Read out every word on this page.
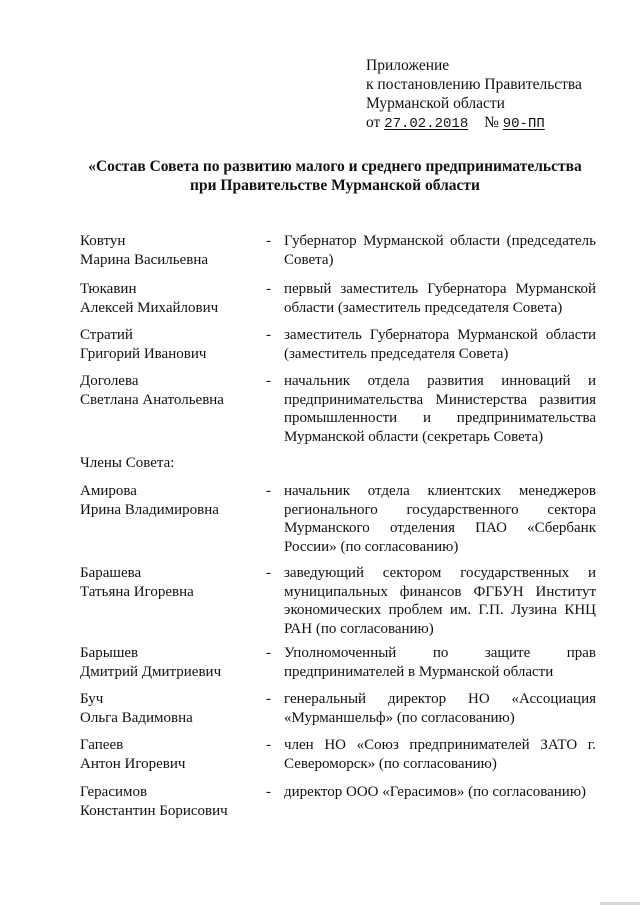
Приложение
к постановлению Правительства
Мурманской области
от 27.02.2018 № 90-ПП
«Состав Совета по развитию малого и среднего предпринимательства
при Правительстве Мурманской области
Ковтун
Марина Васильевна
- Губернатор Мурманской области (председатель Совета)
Тюкавин
Алексей Михайлович
- первый заместитель Губернатора Мурманской области (заместитель председателя Совета)
Стратий
Григорий Иванович
- заместитель Губернатора Мурманской области (заместитель председателя Совета)
Доголева
Светлана Анатольевна
- начальник отдела развития инноваций и предпринимательства Министерства развития промышленности и предпринимательства Мурманской области (секретарь Совета)
Члены Совета:
Амирова
Ирина Владимировна
- начальник отдела клиентских менеджеров регионального государственного сектора Мурманского отделения ПАО «Сбербанк России» (по согласованию)
Барашева
Татьяна Игоревна
- заведующий сектором государственных и муниципальных финансов ФГБУН Институт экономических проблем им. Г.П. Лузина КНЦ РАН (по согласованию)
Барышев
Дмитрий Дмитриевич
- Уполномоченный по защите прав предпринимателей в Мурманской области
Буч
Ольга Вадимовна
- генеральный директор НО «Ассоциация «Мурманшельф» (по согласованию)
Гапеев
Антон Игоревич
- член НО «Союз предпринимателей ЗАТО г. Североморск» (по согласованию)
Герасимов
Константин Борисович
- директор ООО «Герасимов» (по согласованию)
